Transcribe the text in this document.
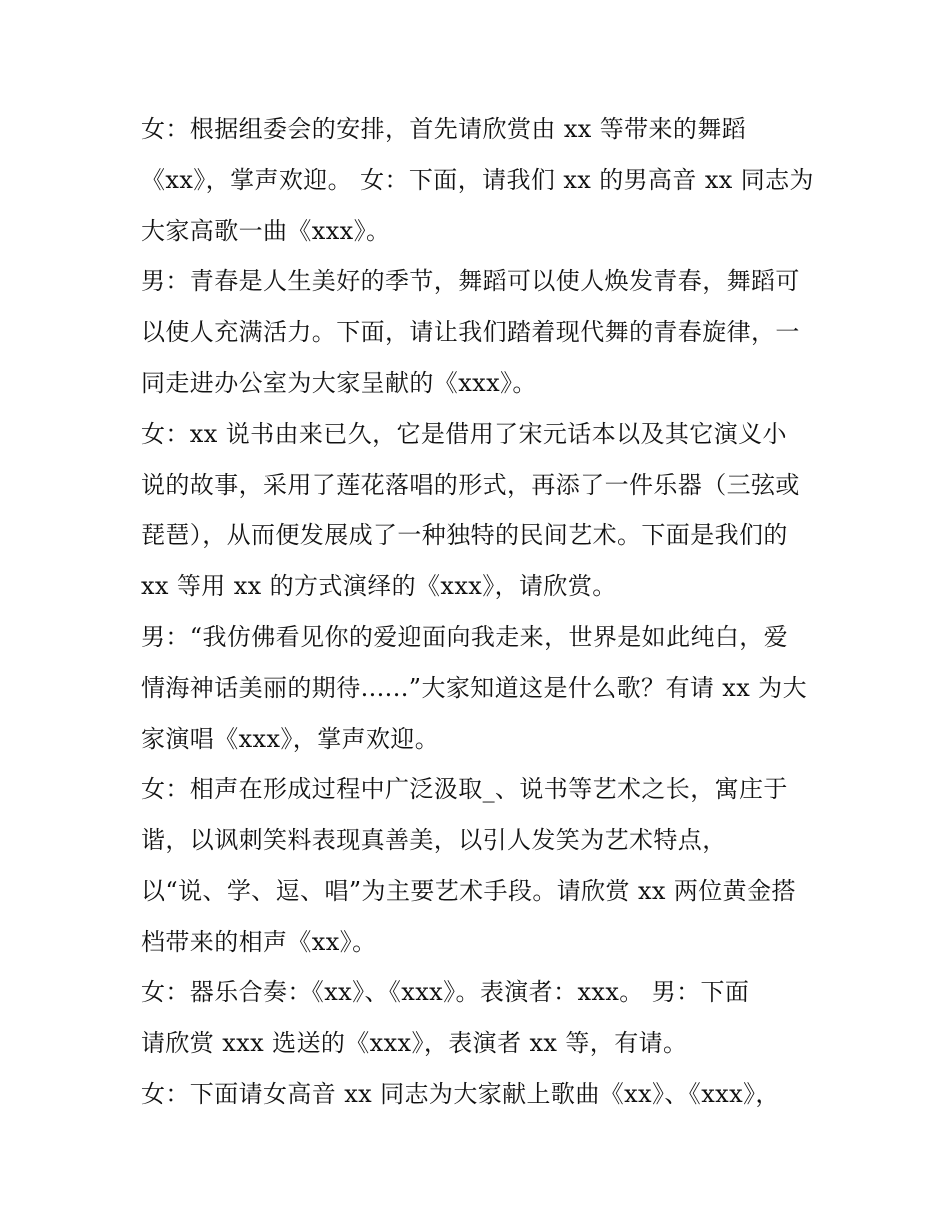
女：根据组委会的安排，首先请欣赏由 xx 等带来的舞蹈
《xx》，掌声欢迎。 女：下面，请我们 xx 的男高音 xx 同志为
大家高歌一曲《xxx》。
男：青春是人生美好的季节，舞蹈可以使人焕发青春，舞蹈可
以使人充满活力。下面，请让我们踏着现代舞的青春旋律，一
同走进办公室为大家呈献的《xxx》。
女：xx 说书由来已久，它是借用了宋元话本以及其它演义小
说的故事，采用了莲花落唱的形式，再添了一件乐器（三弦或
琵琶），从而便发展成了一种独特的民间艺术。下面是我们的
xx 等用 xx 的方式演绎的《xxx》，请欣赏。
男：“我仿佛看见你的爱迎面向我走来，世界是如此纯白，爱
情海神话美丽的期待......”大家知道这是什么歌？有请 xx 为大
家演唱《xxx》，掌声欢迎。
女：相声在形成过程中广泛汲取_、说书等艺术之长，寓庄于
谐，以讽刺笑料表现真善美，以引人发笑为艺术特点，
以“说、学、逗、唱”为主要艺术手段。请欣赏 xx 两位黄金搭
档带来的相声《xx》。
女：器乐合奏：《xx》、《xxx》。表演者：xxx。 男：下面
请欣赏 xxx 选送的《xxx》，表演者 xx 等，有请。
女：下面请女高音 xx 同志为大家献上歌曲《xx》、《xxx》，
